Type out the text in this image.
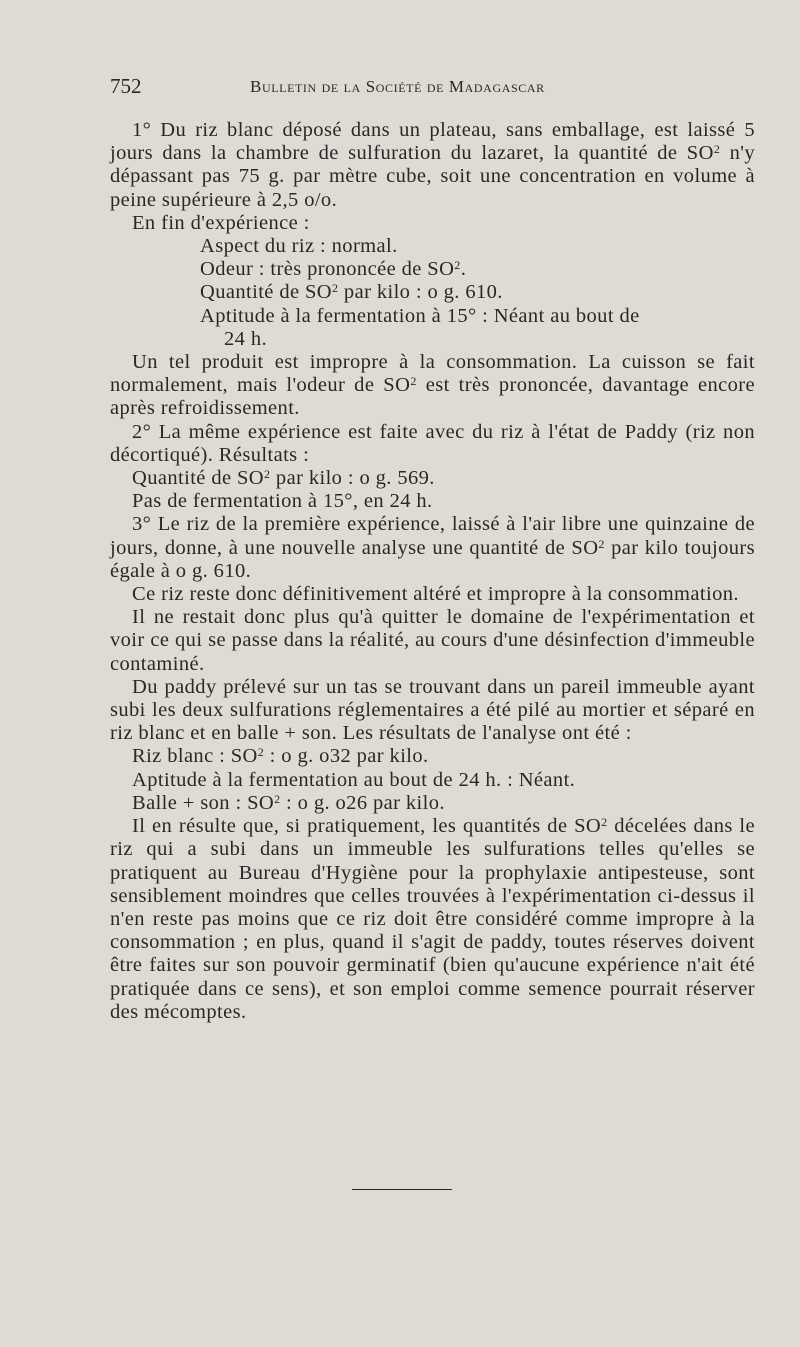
752	Bulletin de la Société de Madagascar

1° Du riz blanc déposé dans un plateau, sans emballage, est laissé 5 jours dans la chambre de sulfuration du lazaret, la quantité de $SO^2$ n'y dépassant pas 75 g. par mètre cube, soit une concentration en volume à peine supérieure à 2,5 o/o.

En fin d'expérience :

Aspect du riz : normal.

Odeur : très prononcée de $SO^2$.

Quantité de $SO^2$ par kilo : o g. 610.

Aptitude à la fermentation à 15° : Néant au bout de
24 h.

Un tel produit est impropre à la consommation. La cuisson se fait normalement, mais l'odeur de $SO^2$ est très prononcée, davantage encore après refroidissement.

2° La même expérience est faite avec du riz à l'état de Paddy (riz non décortiqué). Résultats :

Quantité de $SO^2$ par kilo : o g. 569.

Pas de fermentation à 15°, en 24 h.

3° Le riz de la première expérience, laissé à l'air libre une quinzaine de jours, donne, à une nouvelle analyse une quantité de $SO^2$ par kilo toujours égale à o g. 610.

Ce riz reste donc définitivement altéré et impropre à la consommation.

Il ne restait donc plus qu'à quitter le domaine de l'expérimentation et voir ce qui se passe dans la réalité, au cours d'une désinfection d'immeuble contaminé.

Du paddy prélevé sur un tas se trouvant dans un pareil immeuble ayant subi les deux sulfurations réglementaires a été pilé au mortier et séparé en riz blanc et en balle + son. Les résultats de l'analyse ont été :

Riz blanc : $SO^2$ : o g. o32 par kilo.

Aptitude à la fermentation au bout de 24 h. : Néant.

Balle + son : $SO^2$ : o g. o26 par kilo.

Il en résulte que, si pratiquement, les quantités de $SO^2$ décelées dans le riz qui a subi dans un immeuble les sulfurations telles qu'elles se pratiquent au Bureau d'Hygiène pour la prophylaxie antipesteuse, sont sensiblement moindres que celles trouvées à l'expérimentation ci-dessus il n'en reste pas moins que ce riz doit être considéré comme impropre à la consommation ; en plus, quand il s'agit de paddy, toutes réserves doivent être faites sur son pouvoir germinatif (bien qu'aucune expérience n'ait été pratiquée dans ce sens), et son emploi comme semence pourrait réserver des mécomptes.
